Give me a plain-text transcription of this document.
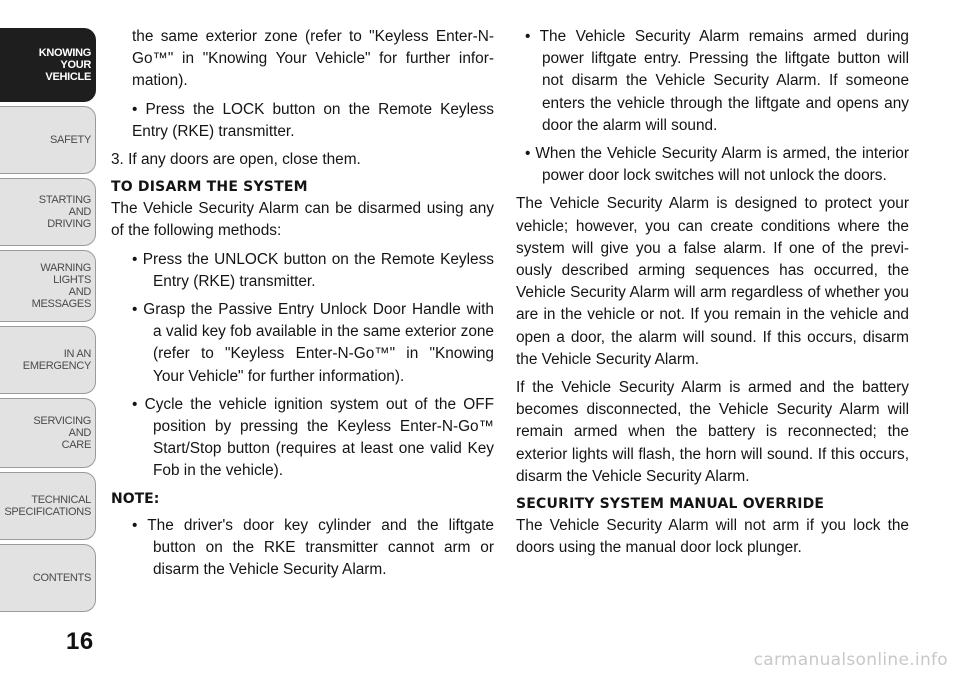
KNOWING
YOUR
VEHICLE
SAFETY
STARTING
AND
DRIVING
WARNING
LIGHTS
AND
MESSAGES
IN AN
EMERGENCY
SERVICING
AND
CARE
TECHNICAL
SPECIFICATIONS
CONTENTS
16

the same exterior zone (refer to "Keyless Enter-N-Go™" in "Knowing Your Vehicle" for further infor-mation).

• Press the LOCK button on the Remote Keyless Entry (RKE) transmitter.

3. If any doors are open, close them.

TO DISARM THE SYSTEM

The Vehicle Security Alarm can be disarmed using any of the following methods:

• Press the UNLOCK button on the Remote Keyless Entry (RKE) transmitter.

• Grasp the Passive Entry Unlock Door Handle with a valid key fob available in the same exterior zone (refer to "Keyless Enter-N-Go™" in "Knowing Your Vehicle" for further information).

• Cycle the vehicle ignition system out of the OFF position by pressing the Keyless Enter-N-Go™ Start/Stop button (requires at least one valid Key Fob in the vehicle).

NOTE:

• The driver's door key cylinder and the liftgate button on the RKE transmitter cannot arm or disarm the Vehicle Security Alarm.

• The Vehicle Security Alarm remains armed during power liftgate entry. Pressing the liftgate button will not disarm the Vehicle Security Alarm. If someone enters the vehicle through the liftgate and opens any door the alarm will sound.

• When the Vehicle Security Alarm is armed, the interior power door lock switches will not unlock the doors.

The Vehicle Security Alarm is designed to protect your vehicle; however, you can create conditions where the system will give you a false alarm. If one of the previ-ously described arming sequences has occurred, the Vehicle Security Alarm will arm regardless of whether you are in the vehicle or not. If you remain in the vehicle and open a door, the alarm will sound. If this occurs, disarm the Vehicle Security Alarm.

If the Vehicle Security Alarm is armed and the battery becomes disconnected, the Vehicle Security Alarm will remain armed when the battery is reconnected; the exterior lights will flash, the horn will sound. If this occurs, disarm the Vehicle Security Alarm.

SECURITY SYSTEM MANUAL OVERRIDE

The Vehicle Security Alarm will not arm if you lock the doors using the manual door lock plunger.

carmanualsonline.info
